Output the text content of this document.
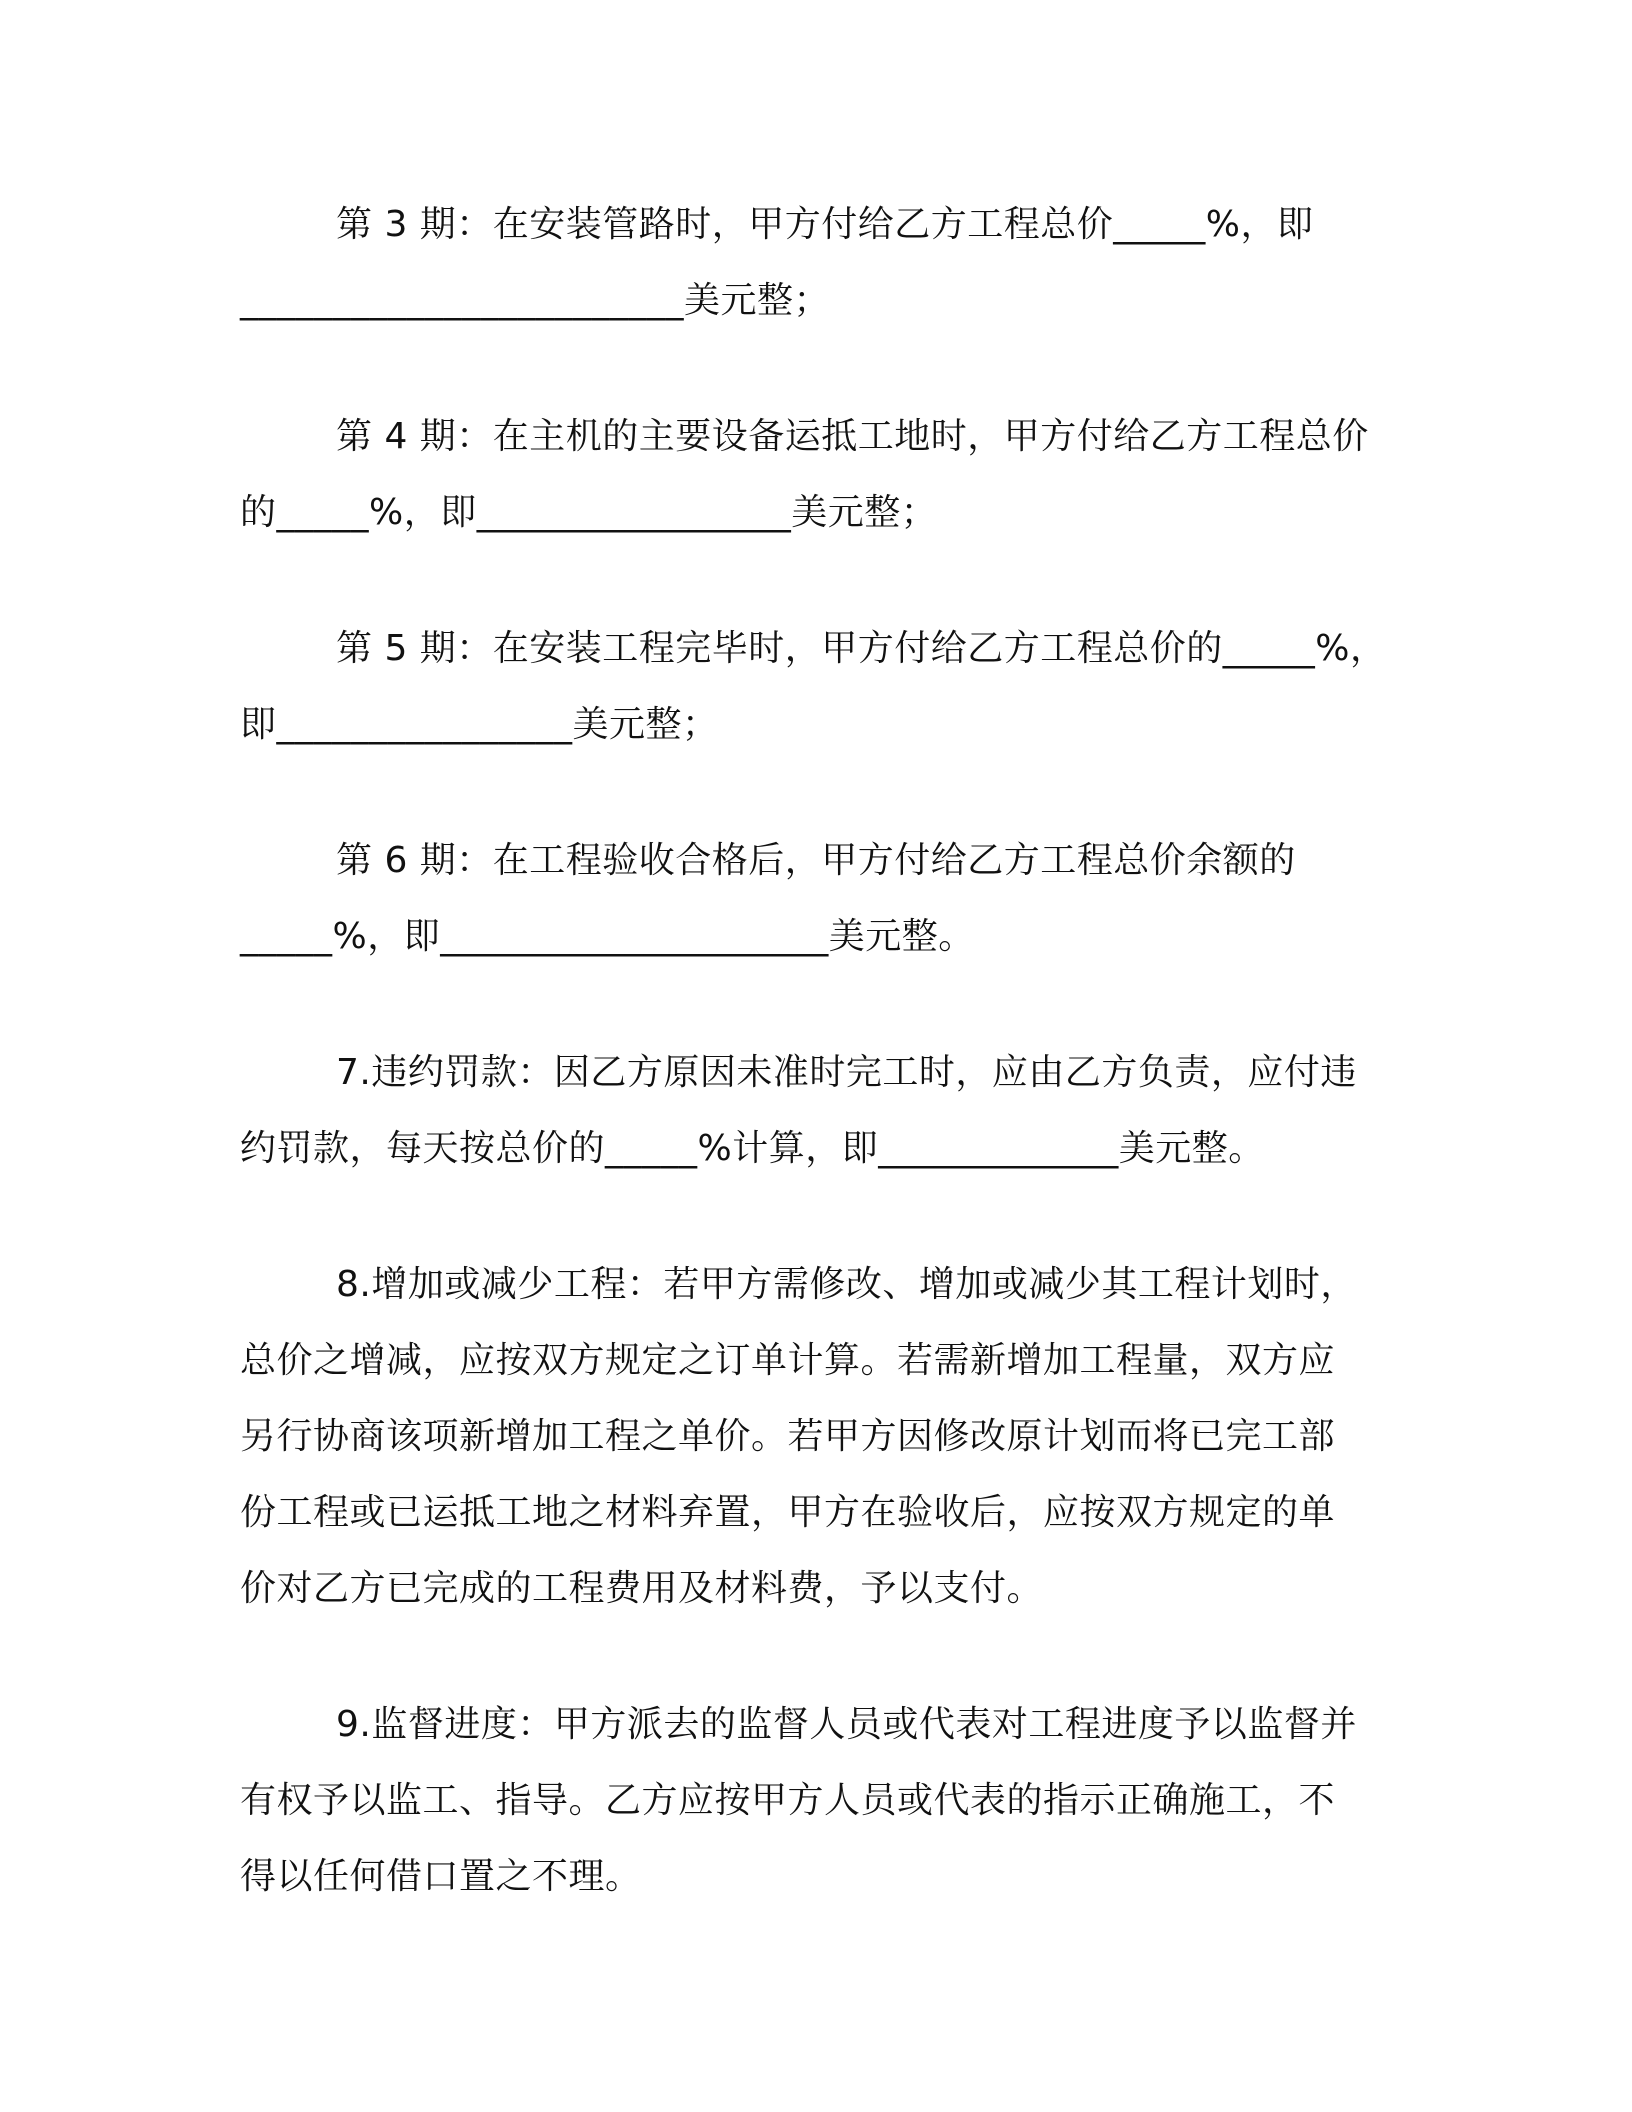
第 3 期：在安装管路时，甲方付给乙方工程总价_____%，即
________________________美元整；

第 4 期：在主机的主要设备运抵工地时，甲方付给乙方工程总价
的_____%，即_________________美元整；

第 5 期：在安装工程完毕时，甲方付给乙方工程总价的_____%，
即________________美元整；

第 6 期：在工程验收合格后，甲方付给乙方工程总价余额的
_____%，即_____________________美元整。

7.违约罚款：因乙方原因未准时完工时，应由乙方负责，应付违
约罚款，每天按总价的_____%计算，即_____________美元整。

8.增加或减少工程：若甲方需修改、增加或减少其工程计划时，
总价之增减，应按双方规定之订单计算。若需新增加工程量，双方应
另行协商该项新增加工程之单价。若甲方因修改原计划而将已完工部
份工程或已运抵工地之材料弃置，甲方在验收后，应按双方规定的单
价对乙方已完成的工程费用及材料费，予以支付。

9.监督进度：甲方派去的监督人员或代表对工程进度予以监督并
有权予以监工、指导。乙方应按甲方人员或代表的指示正确施工，不
得以任何借口置之不理。
